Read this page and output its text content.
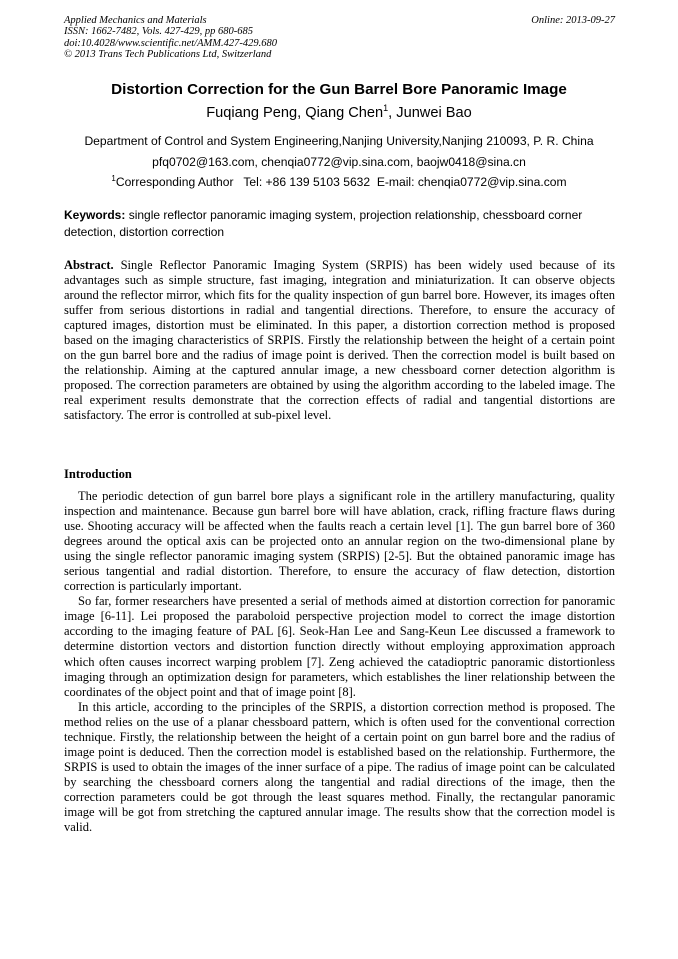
Applied Mechanics and Materials
ISSN: 1662-7482, Vols. 427-429, pp 680-685
doi:10.4028/www.scientific.net/AMM.427-429.680
© 2013 Trans Tech Publications Ltd, Switzerland
Online: 2013-09-27
Distortion Correction for the Gun Barrel Bore Panoramic Image
Fuqiang Peng, Qiang Chen$^1$, Junwei Bao
Department of Control and System Engineering,Nanjing University,Nanjing 210093, P. R. China
pfq0702@163.com, chenqia0772@vip.sina.com, baojw0418@sina.cn
$^1$Corresponding Author   Tel: +86 139 5103 5632  E-mail: chenqia0772@vip.sina.com
Keywords: single reflector panoramic imaging system, projection relationship, chessboard corner detection, distortion correction
Abstract. Single Reflector Panoramic Imaging System (SRPIS) has been widely used because of its advantages such as simple structure, fast imaging, integration and miniaturization. It can observe objects around the reflector mirror, which fits for the quality inspection of gun barrel bore. However, its images often suffer from serious distortions in radial and tangential directions. Therefore, to ensure the accuracy of captured images, distortion must be eliminated. In this paper, a distortion correction method is proposed based on the imaging characteristics of SRPIS. Firstly the relationship between the height of a certain point on the gun barrel bore and the radius of image point is derived. Then the correction model is built based on the relationship. Aiming at the captured annular image, a new chessboard corner detection algorithm is proposed. The correction parameters are obtained by using the algorithm according to the labeled image. The real experiment results demonstrate that the correction effects of radial and tangential distortions are satisfactory. The error is controlled at sub-pixel level.
Introduction

The periodic detection of gun barrel bore plays a significant role in the artillery manufacturing, quality inspection and maintenance. Because gun barrel bore will have ablation, crack, rifling fracture flaws during use. Shooting accuracy will be affected when the faults reach a certain level [1]. The gun barrel bore of 360 degrees around the optical axis can be projected onto an annular region on the two-dimensional plane by using the single reflector panoramic imaging system (SRPIS) [2-5]. But the obtained panoramic image has serious tangential and radial distortion. Therefore, to ensure the accuracy of flaw detection, distortion correction is particularly important.

So far, former researchers have presented a serial of methods aimed at distortion correction for panoramic image [6-11]. Lei proposed the paraboloid perspective projection model to correct the image distortion according to the imaging feature of PAL [6]. Seok-Han Lee and Sang-Keun Lee discussed a framework to determine distortion vectors and distortion function directly without employing approximation approach which often causes incorrect warping problem [7]. Zeng achieved the catadioptric panoramic distortionless imaging through an optimization design for parameters, which establishes the liner relationship between the coordinates of the object point and that of image point [8].

In this article, according to the principles of the SRPIS, a distortion correction method is proposed. The method relies on the use of a planar chessboard pattern, which is often used for the conventional correction technique. Firstly, the relationship between the height of a certain point on gun barrel bore and the radius of image point is deduced. Then the correction model is established based on the relationship. Furthermore, the SRPIS is used to obtain the images of the inner surface of a pipe. The radius of image point can be calculated by searching the chessboard corners along the tangential and radial directions of the image, then the correction parameters could be got through the least squares method. Finally, the rectangular panoramic image will be got from stretching the captured annular image. The results show that the correction model is valid.
